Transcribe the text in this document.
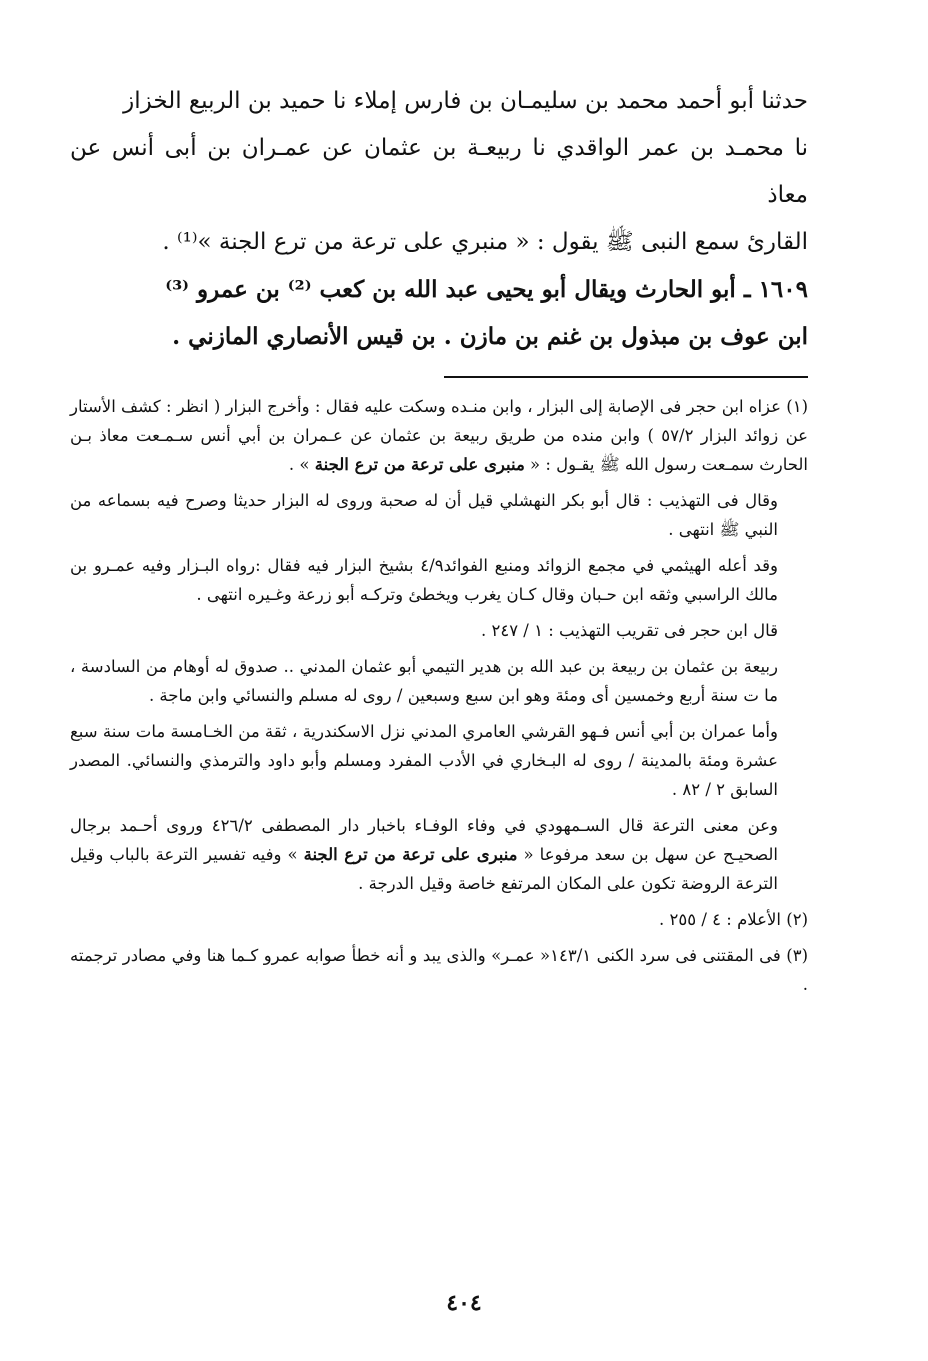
حدثنا أبو أحمد محمد بن سليمـان بن فارس إملاء نا حميد بن الربيع الخزاز

نا محمـد بن عمر الواقدي نا ربيعـة بن عثمان عن عمـران بن أبى أنس عن معاذ

القارئ سمع النبى ﷺ يقول : « منبري على ترعة من ترع الجنة »⁽¹⁾ .

١٦٠٩ ـ أبو الحارث ويقال أبو يحيى عبد الله بن كعب ⁽²⁾ بن عمرو ⁽³⁾

ابن عوف بن مبذول بن غنم بن مازن . بن قيس الأنصاري المازني .

(١) عزاه ابن حجر فى الإصابة إلى البزار ، وابن منـده وسكت عليه فقال : وأخرج البزار ( انظر : كشف الأستار عن زوائد البزار ٥٧/٢ ) وابن منده من طريق ربيعة بن عثمان عن عـمران بن أبي أنس سـمـعت معاذ بـن الحارث سمـعت رسول الله ﷺ يقـول : « منبرى على ترعة من ترع الجنة » .

وقال فى التهذيب : قال أبو بكر النهشلي قيل أن له صحبة وروى له البزار حديثا وصرح فيه بسماعه من النبي ﷺ انتهى .

وقد أعله الهيثمي في مجمع الزوائد ومنبع الفوائد٤/٩ بشيخ البزار فيه فقال :رواه البـزار وفيه عمـرو بن مالك الراسبي وثقه ابن حـبان وقال كـان يغرب ويخطئ وتركـه أبو زرعة وغـيره انتهى .

قال ابن حجر فى تقريب التهذيب : ١ / ٢٤٧ .

ربيعة بن عثمان بن ربيعة بن عبد الله بن هدير التيمي أبو عثمان المدني .. صدوق له أوهام من السادسة ، ما ت سنة أربع وخمسين أى ومئة وهو ابن سبع وسبعين / روى له مسلم والنسائي وابن ماجة .

وأما عمران بن أبي أنس فـهو القرشي العامري المدني نزل الاسكندرية ، ثقة من الخـامسة مات سنة سبع عشرة ومئة بالمدينة / روى له البـخاري في الأدب المفرد ومسلم وأبو داود والترمذي والنسائي. المصدر السابق ٢ / ٨٢ .

وعن معنى الترعة قال السـمهودي في وفاء الوفـاء باخبار دار المصطفى ٤٢٦/٢ وروى أحـمد برجال الصحيـح عن سهل بن سعد مرفوعا « منبرى على ترعة من ترع الجنة » وفيه تفسير الترعة بالباب وقيل الترعة الروضة تكون على المكان المرتفع خاصة وقيل الدرجة .

(٢) الأعلام : ٤ / ٢٥٥ .

(٣) فى المقتنى فى سرد الكنى ١٤٣/١« عمـر» والذى يبد و أنه خطأ صوابه عمرو كـما هنا وفي مصادر ترجمته .

٤٠٤
